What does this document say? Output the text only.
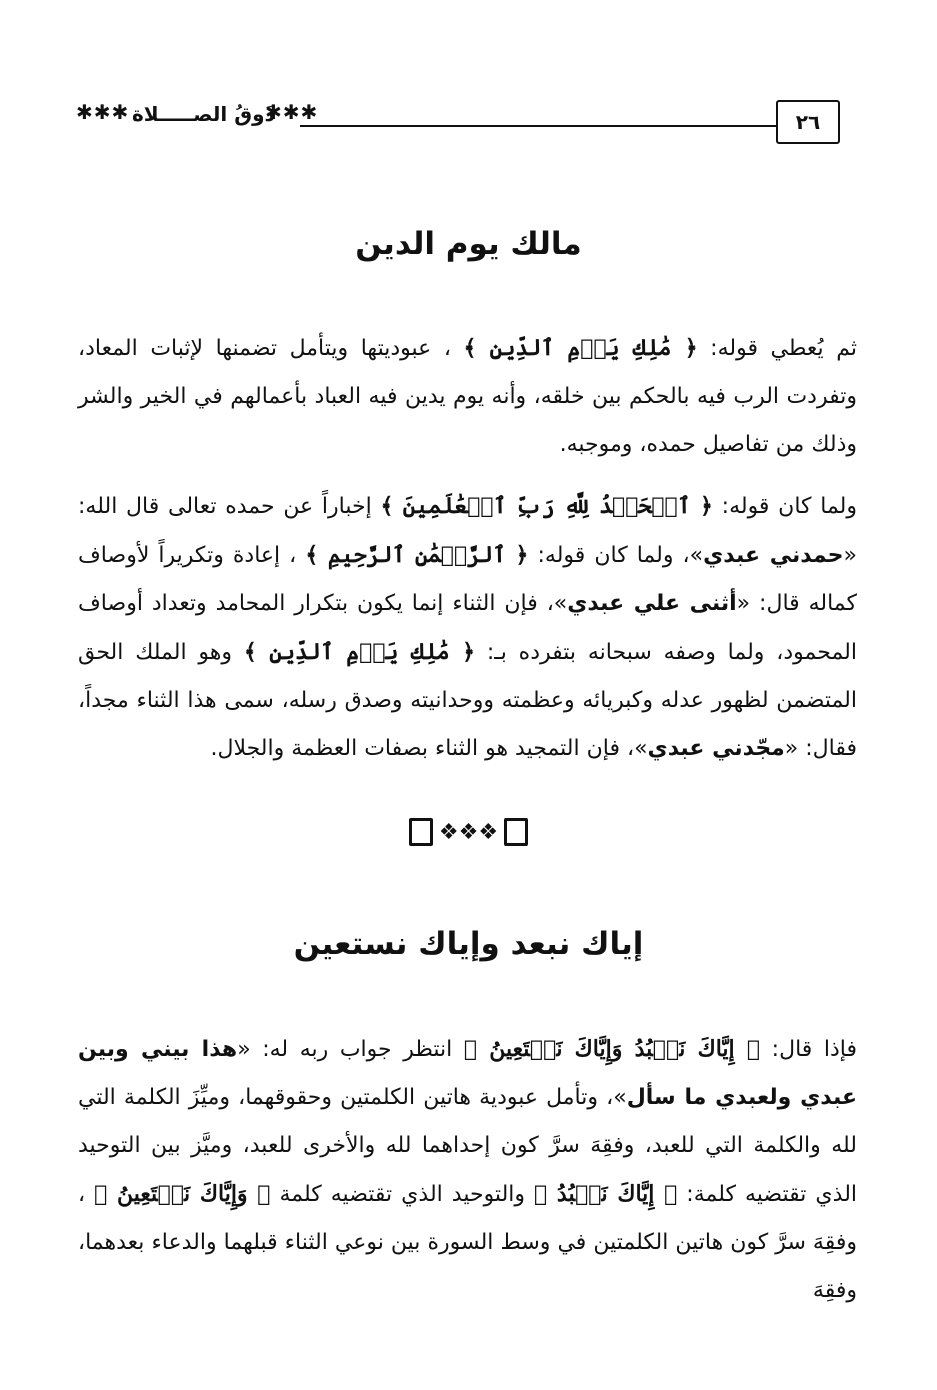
٢٦
✱✱✱
ذَوقُ الصـــــلاة
✱✱✱
مالك يوم الدين

ثم يُعطي قوله: ﴿ مَٰلِكِ يَوۡمِ ٱلدِّينِ ﴾ ، عبوديتها ويتأمل تضمنها لإثبات المعاد، وتفردت الرب فيه بالحكم بين خلقه، وأنه يوم يدين فيه العباد بأعمالهم في الخير والشر وذلك من تفاصيل حمده، وموجبه.

ولما كان قوله: ﴿ ٱلۡحَمۡدُ لِلَّهِ رَبِّ ٱلۡعَٰلَمِينَ ﴾ إخباراً عن حمده تعالى قال الله: «حمدني عبدي»، ولما كان قوله: ﴿ ٱلرَّحۡمَٰنِ ٱلرَّحِيمِ ﴾ ، إعادة وتكريراً لأوصاف كماله قال: «أثنى علي عبدي»، فإن الثناء إنما يكون بتكرار المحامد وتعداد أوصاف المحمود، ولما وصفه سبحانه بتفرده بـ: ﴿ مَٰلِكِ يَوۡمِ ٱلدِّينِ ﴾ وهو الملك الحق المتضمن لظهور عدله وكبريائه وعظمته ووحدانيته وصدق رسله، سمى هذا الثناء مجداً، فقال: «مجّدني عبدي»، فإن التمجيد هو الثناء بصفات العظمة والجلال.

❖❖❖
إياك نبعد وإياك نستعين

فإذا قال: ﴿ إِيَّاكَ نَعۡبُدُ وَإِيَّاكَ نَسۡتَعِينُ ﴾ انتظر جواب ربه له: «هذا بيني وبين عبدي ولعبدي ما سأل»، وتأمل عبودية هاتين الكلمتين وحقوقهما، وميِّزَ الكلمة التي لله والكلمة التي للعبد، وفقِهَ سرَّ كون إحداهما لله والأخرى للعبد، وميَّز بين التوحيد الذي تقتضيه كلمة: ﴿ إِيَّاكَ نَعۡبُدُ ﴾ والتوحيد الذي تقتضيه كلمة ﴿ وَإِيَّاكَ نَسۡتَعِينُ ﴾ ، وفقِهَ سرَّ كون هاتين الكلمتين في وسط السورة بين نوعي الثناء قبلهما والدعاء بعدهما، وفقِهَ
